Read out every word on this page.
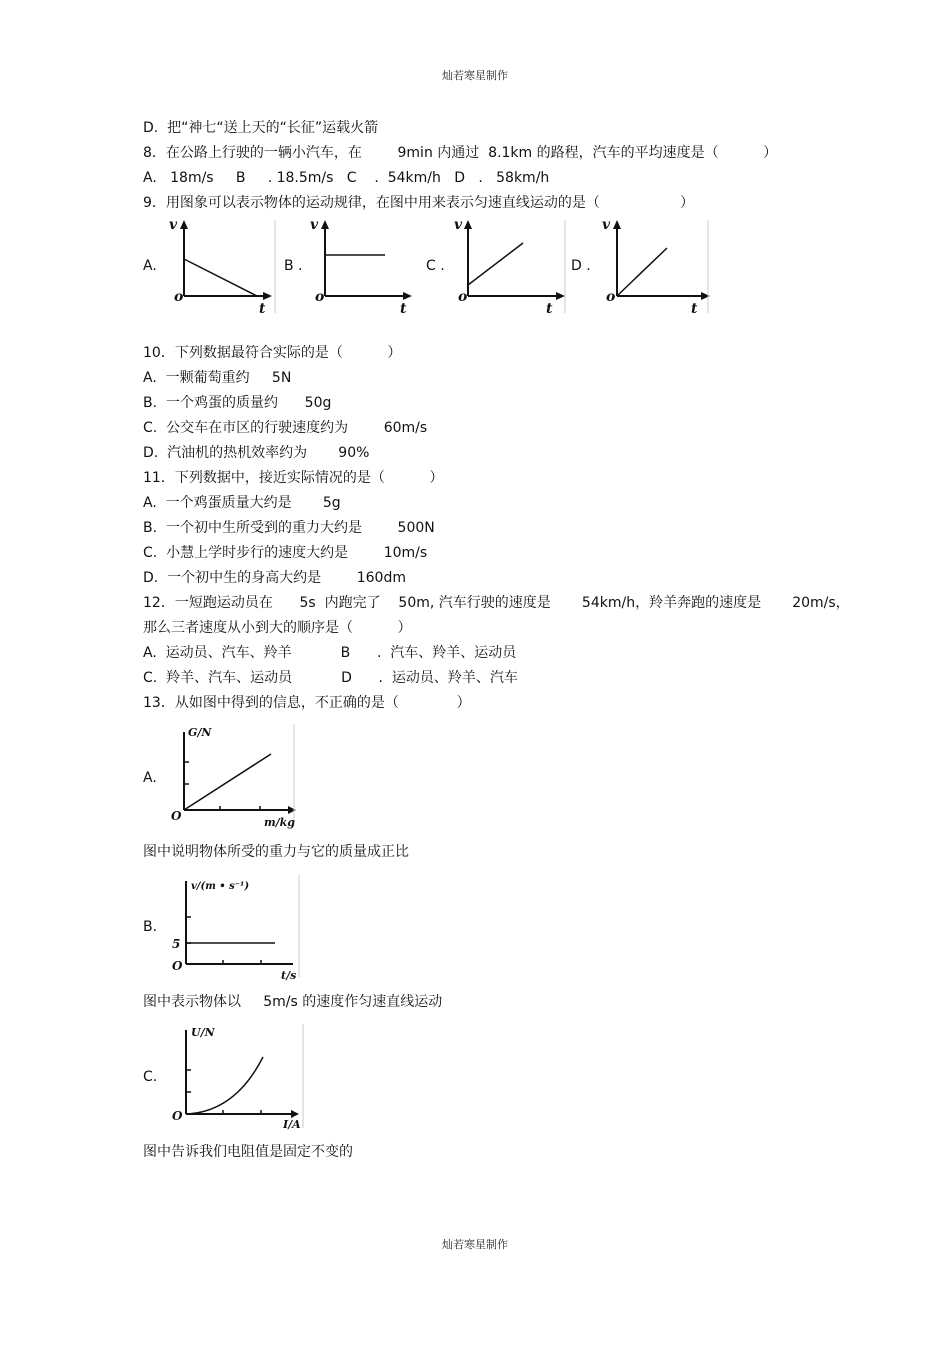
灿若寒星制作
D.  把“神七“送上天的“长征”运载火箭
8．在公路上行驶的一辆小汽车，在        9min 内通过  8.1km 的路程，汽车的平均速度是（          ）
A.   18m/s     B     . 18.5m/s   C    .  54km/h   D   .   58km/h
9．用图象可以表示物体的运动规律，在图中用来表示匀速直线运动的是（                  ）
A.	B .	C .	D .
v
o
t
v
o
t
v
o
t
v
o
t
10．下列数据最符合实际的是（          ）
A.  一颗葡萄重约     5N
B.  一个鸡蛋的质量约      50g
C.  公交车在市区的行驶速度约为        60m/s
D.  汽油机的热机效率约为       90%
11．下列数据中，接近实际情况的是（          ）
A.  一个鸡蛋质量大约是       5g
B.  一个初中生所受到的重力大约是        500N
C.  小慧上学时步行的速度大约是        10m/s
D.  一个初中生的身高大约是        160dm
12．一短跑运动员在      5s  内跑完了    50m, 汽车行驶的速度是       54km/h，羚羊奔跑的速度是       20m/s，
那么三者速度从小到大的顺序是（          ）
A.  运动员、汽车、羚羊           B      .  汽车、羚羊、运动员
C.  羚羊、汽车、运动员           D      .  运动员、羚羊、汽车
13．从如图中得到的信息，不正确的是（             ）
A.
G/N
O	m/kg
图中说明物体所受的重力与它的质量成正比
B.
v/(m • s⁻¹)
5
O
t/s
图中表示物体以     5m/s 的速度作匀速直线运动
C.
U/N
O
I/A
图中告诉我们电阻值是固定不变的
灿若寒星制作
